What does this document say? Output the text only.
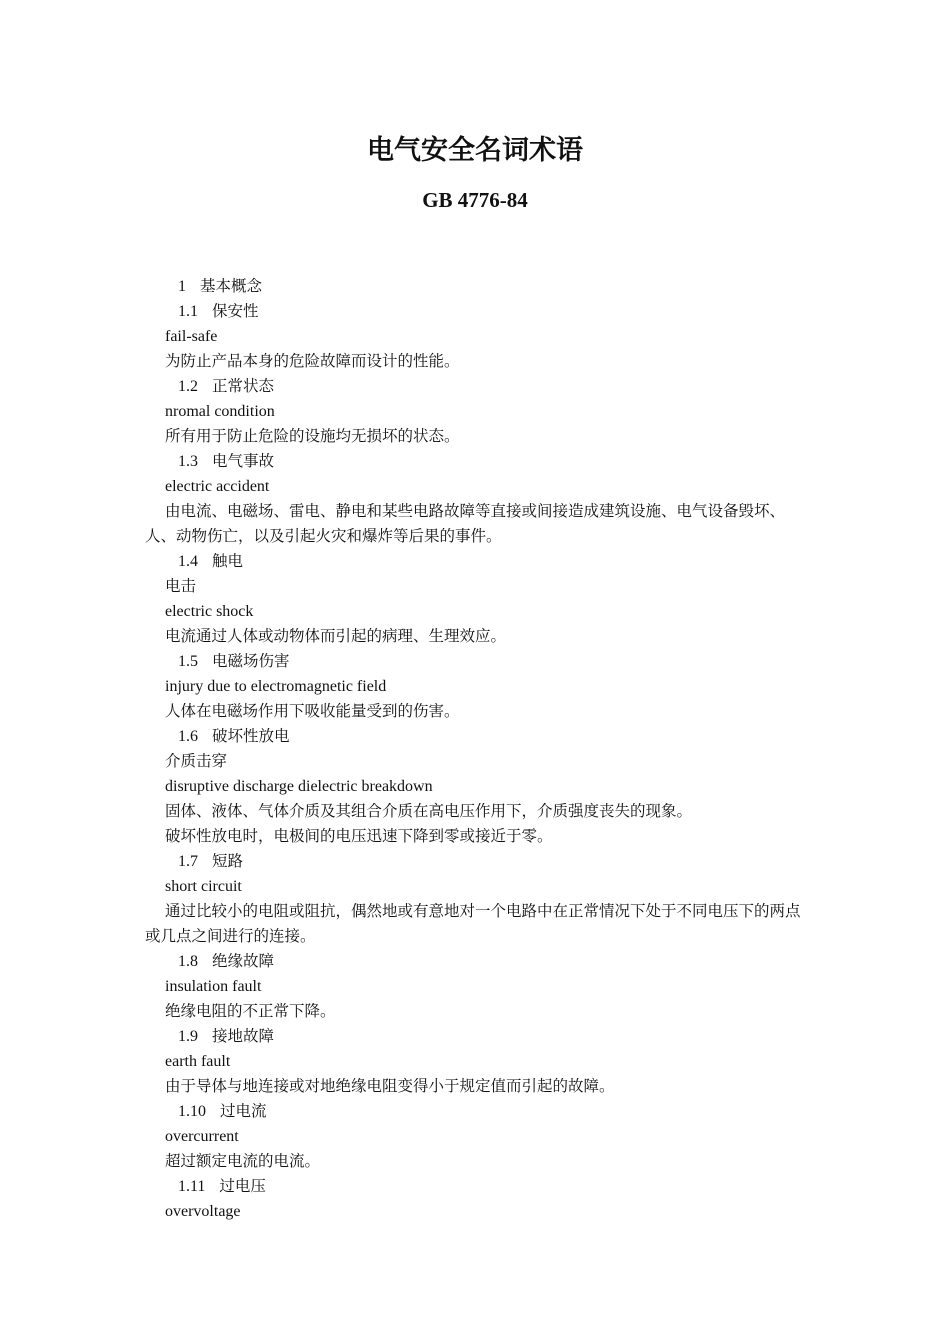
电气安全名词术语
GB 4776-84
1 基本概念
1.1 保安性
fail-safe
为防止产品本身的危险故障而设计的性能。
1.2 正常状态
nromal condition
所有用于防止危险的设施均无损坏的状态。
1.3 电气事故
electric accident
由电流、电磁场、雷电、静电和某些电路故障等直接或间接造成建筑设施、电气设备毁坏、人、动物伤亡，以及引起火灾和爆炸等后果的事件。
1.4 触电
电击
electric shock
电流通过人体或动物体而引起的病理、生理效应。
1.5 电磁场伤害
injury due to electromagnetic field
人体在电磁场作用下吸收能量受到的伤害。
1.6 破坏性放电
介质击穿
disruptive discharge dielectric breakdown
固体、液体、气体介质及其组合介质在高电压作用下，介质强度丧失的现象。
破坏性放电时，电极间的电压迅速下降到零或接近于零。
1.7 短路
short circuit
通过比较小的电阻或阻抗，偶然地或有意地对一个电路中在正常情况下处于不同电压下的两点或几点之间进行的连接。
1.8 绝缘故障
insulation fault
绝缘电阻的不正常下降。
1.9 接地故障
earth fault
由于导体与地连接或对地绝缘电阻变得小于规定值而引起的故障。
1.10 过电流
overcurrent
超过额定电流的电流。
1.11 过电压
overvoltage
